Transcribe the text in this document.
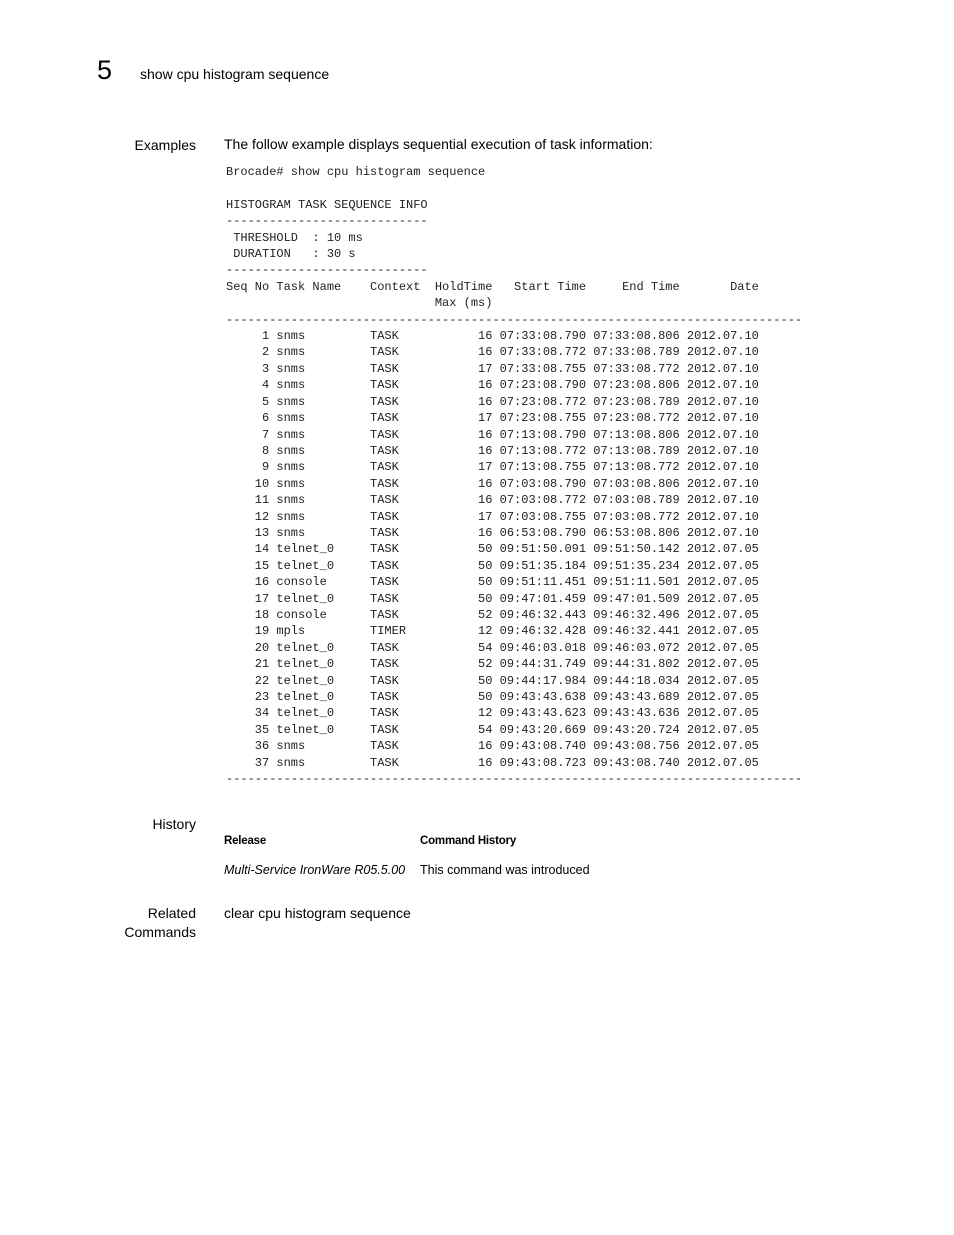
5 show cpu histogram sequence
Examples The follow example displays sequential execution of task information:
Brocade# show cpu histogram sequence

HISTOGRAM TASK SEQUENCE INFO
----------------------------
THRESHOLD  : 10 ms
DURATION   : 30 s
----------------------------
Seq No Task Name    Context  HoldTime   Start Time     End Time       Date
Max (ms)
--------------------------------------------------------------------------------
1 snms         TASK           16 07:33:08.790 07:33:08.806 2012.07.10
2 snms         TASK           16 07:33:08.772 07:33:08.789 2012.07.10
3 snms         TASK           17 07:33:08.755 07:33:08.772 2012.07.10
4 snms         TASK           16 07:23:08.790 07:23:08.806 2012.07.10
5 snms         TASK           16 07:23:08.772 07:23:08.789 2012.07.10
6 snms         TASK           17 07:23:08.755 07:23:08.772 2012.07.10
7 snms         TASK           16 07:13:08.790 07:13:08.806 2012.07.10
8 snms         TASK           16 07:13:08.772 07:13:08.789 2012.07.10
9 snms         TASK           17 07:13:08.755 07:13:08.772 2012.07.10
10 snms         TASK           16 07:03:08.790 07:03:08.806 2012.07.10
11 snms         TASK           16 07:03:08.772 07:03:08.789 2012.07.10
12 snms         TASK           17 07:03:08.755 07:03:08.772 2012.07.10
13 snms         TASK           16 06:53:08.790 06:53:08.806 2012.07.10
14 telnet_0     TASK           50 09:51:50.091 09:51:50.142 2012.07.05
15 telnet_0     TASK           50 09:51:35.184 09:51:35.234 2012.07.05
16 console      TASK           50 09:51:11.451 09:51:11.501 2012.07.05
17 telnet_0     TASK           50 09:47:01.459 09:47:01.509 2012.07.05
18 console      TASK           52 09:46:32.443 09:46:32.496 2012.07.05
19 mpls         TIMER          12 09:46:32.428 09:46:32.441 2012.07.05
20 telnet_0     TASK           54 09:46:03.018 09:46:03.072 2012.07.05
21 telnet_0     TASK           52 09:44:31.749 09:44:31.802 2012.07.05
22 telnet_0     TASK           50 09:44:17.984 09:44:18.034 2012.07.05
23 telnet_0     TASK           50 09:43:43.638 09:43:43.689 2012.07.05
34 telnet_0     TASK           12 09:43:43.623 09:43:43.636 2012.07.05
35 telnet_0     TASK           54 09:43:20.669 09:43:20.724 2012.07.05
36 snms         TASK           16 09:43:08.740 09:43:08.756 2012.07.05
37 snms         TASK           16 09:43:08.723 09:43:08.740 2012.07.05
--------------------------------------------------------------------------------
History
Release	Command History
Multi-Service IronWare R05.5.00 This command was introduced
Related
Commands
clear cpu histogram sequence
